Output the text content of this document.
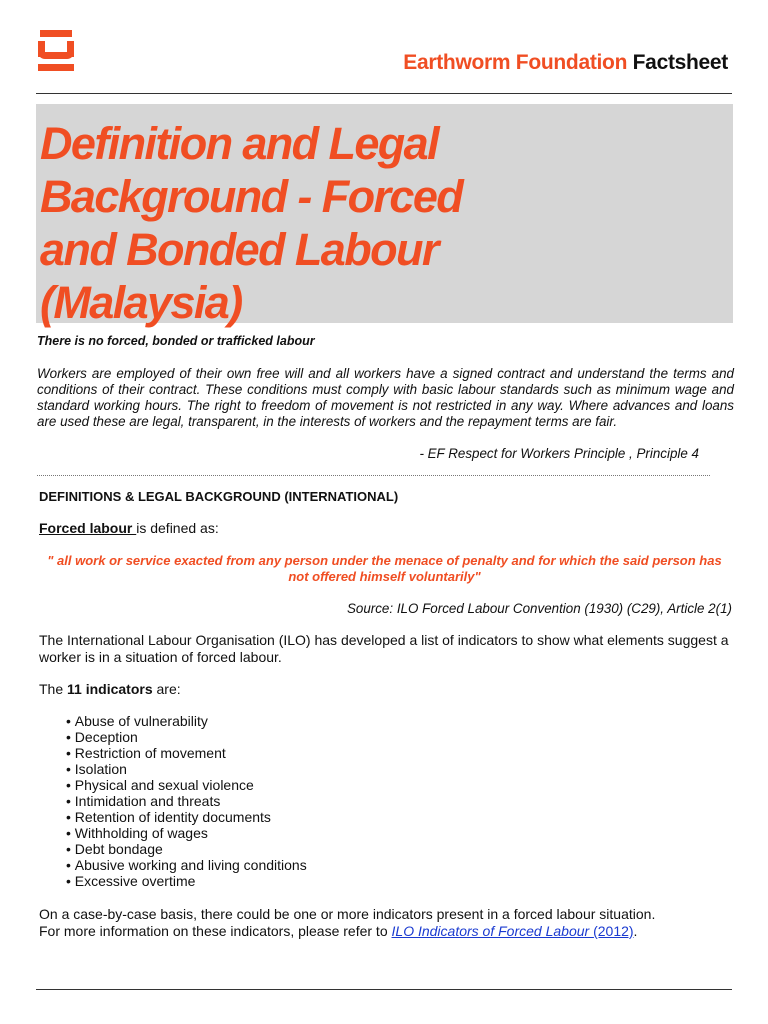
Earthworm Foundation Factsheet
Definition and Legal Background - Forced and Bonded Labour (Malaysia)
There is no forced, bonded or trafficked labour
Workers are employed of their own free will and all workers have a signed contract and understand the terms and conditions of their contract. These conditions must comply with basic labour standards such as minimum wage and standard working hours. The right to freedom of movement is not restricted in any way. Where advances and loans are used these are legal, transparent, in the interests of workers and the repayment terms are fair.
- EF Respect for Workers Principle , Principle 4
DEFINITIONS & LEGAL BACKGROUND (INTERNATIONAL)
Forced labour is defined as:
" all work or service exacted from any person under the menace of penalty and for which the said person has not offered himself voluntarily"
Source: ILO Forced Labour Convention (1930) (C29), Article 2(1)
The International Labour Organisation (ILO) has developed a list of indicators to show what elements suggest a worker is in a situation of forced labour.
The 11 indicators are:
• Abuse of vulnerability
• Deception
• Restriction of movement
• Isolation
• Physical and sexual violence
• Intimidation and threats
• Retention of identity documents
• Withholding of wages
• Debt bondage
• Abusive working and living conditions
• Excessive overtime
On a case-by-case basis, there could be one or more indicators present in a forced labour situation.
For more information on these indicators, please refer to ILO Indicators of Forced Labour (2012).
